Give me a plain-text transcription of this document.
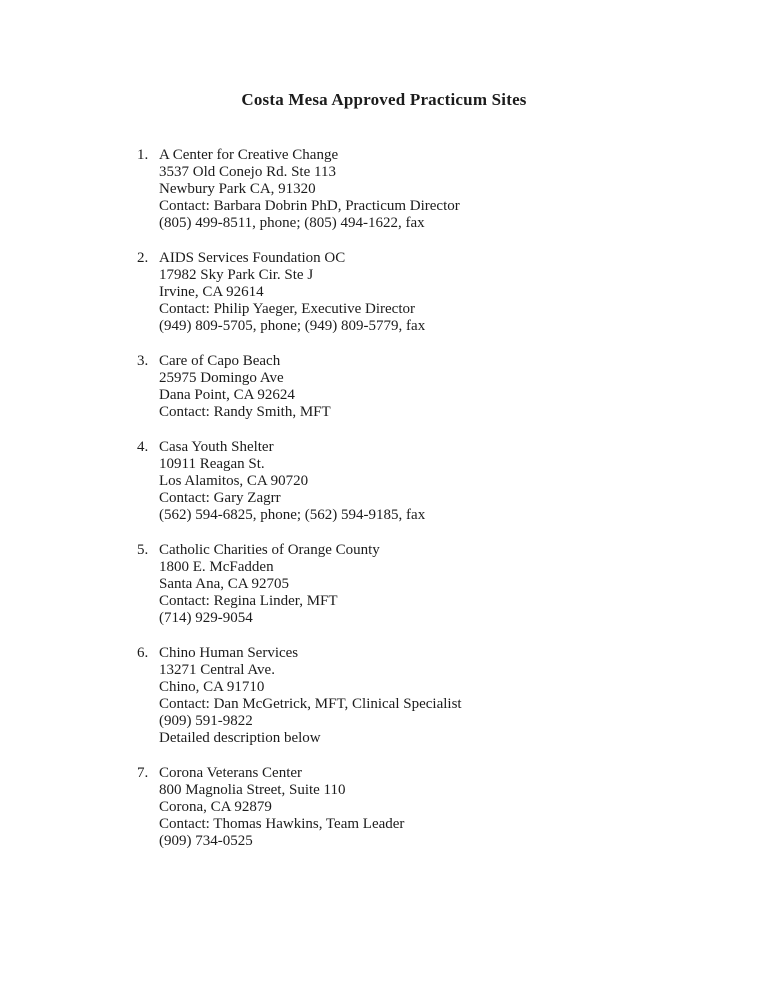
Costa Mesa Approved Practicum Sites
1. A Center for Creative Change
3537 Old Conejo Rd. Ste 113
Newbury Park CA, 91320
Contact: Barbara Dobrin PhD, Practicum Director
(805) 499-8511, phone; (805) 494-1622, fax
2. AIDS Services Foundation OC
17982 Sky Park Cir. Ste J
Irvine, CA 92614
Contact: Philip Yaeger, Executive Director
(949) 809-5705, phone; (949) 809-5779, fax
3. Care of Capo Beach
25975 Domingo Ave
Dana Point, CA 92624
Contact: Randy Smith, MFT
4. Casa Youth Shelter
10911 Reagan St.
Los Alamitos, CA 90720
Contact: Gary Zagrr
(562) 594-6825, phone; (562) 594-9185, fax
5. Catholic Charities of Orange County
1800 E. McFadden
Santa Ana, CA 92705
Contact: Regina Linder, MFT
(714) 929-9054
6. Chino Human Services
13271 Central Ave.
Chino, CA 91710
Contact: Dan McGetrick, MFT, Clinical Specialist
(909) 591-9822
Detailed description below
7. Corona Veterans Center
800 Magnolia Street, Suite 110
Corona, CA 92879
Contact: Thomas Hawkins, Team Leader
(909) 734-0525
